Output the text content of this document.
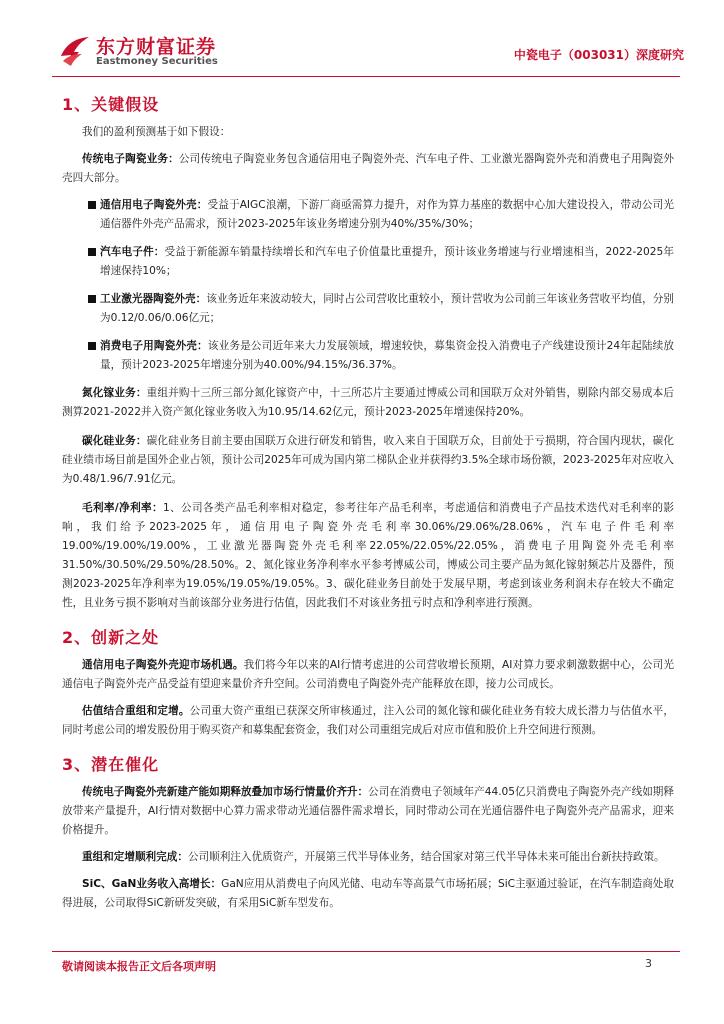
东方财富证券
Eastmoney Securities	中瓷电子（003031）深度研究
1、关键假设

我们的盈利预测基于如下假设：

传统电子陶瓷业务：公司传统电子陶瓷业务包含通信用电子陶瓷外壳、汽车电子件、工业激光器陶瓷外壳和消费电子用陶瓷外壳四大部分。

通信用电子陶瓷外壳：受益于AIGC浪潮，下游厂商亟需算力提升，对作为算力基座的数据中心加大建设投入，带动公司光通信器件外壳产品需求，预计2023-2025年该业务增速分别为40%/35%/30%；
汽车电子件：受益于新能源车销量持续增长和汽车电子价值量比重提升，预计该业务增速与行业增速相当，2022-2025年增速保持10%；
工业激光器陶瓷外壳：该业务近年来波动较大，同时占公司营收比重较小，预计营收为公司前三年该业务营收平均值，分别为0.12/0.06/0.06亿元；
消费电子用陶瓷外壳：该业务是公司近年来大力发展领域，增速较快，募集资金投入消费电子产线建设预计24年起陆续放量，预计2023-2025年增速分别为40.00%/94.15%/36.37%。

氮化镓业务：重组并购十三所三部分氮化镓资产中，十三所芯片主要通过博威公司和国联万众对外销售，剔除内部交易成本后测算2021-2022并入资产氮化镓业务收入为10.95/14.62亿元，预计2023-2025年增速保持20%。

碳化硅业务：碳化硅业务目前主要由国联万众进行研发和销售，收入来自于国联万众，目前处于亏损期，符合国内现状，碳化硅业绩市场目前是国外企业占领，预计公司2025年可成为国内第二梯队企业并获得约3.5%全球市场份额，2023-2025年对应收入为0.48/1.96/7.91亿元。

毛利率/净利率：1、公司各类产品毛利率相对稳定，参考往年产品毛利率，考虑通信和消费电子产品技术迭代对毛利率的影响，我们给予2023-2025年，通信用电子陶瓷外壳毛利率30.06%/29.06%/28.06%，汽车电子件毛利率19.00%/19.00%/19.00%，工业激光器陶瓷外壳毛利率22.05%/22.05%/22.05%，消费电子用陶瓷外壳毛利率31.50%/30.50%/29.50%/28.50%。2、氮化镓业务净利率水平参考博威公司，博威公司主要产品为氮化镓射频芯片及器件，预测2023-2025年净利率为19.05%/19.05%/19.05%。3、碳化硅业务目前处于发展早期，考虑到该业务利润未存在较大不确定性，且业务亏损不影响对当前该部分业务进行估值，因此我们不对该业务扭亏时点和净利率进行预测。

2、创新之处

通信用电子陶瓷外壳迎市场机遇。我们将今年以来的AI行情考虑进的公司营收增长预期，AI对算力要求刺激数据中心，公司光通信电子陶瓷外壳产品受益有望迎来量价齐升空间。公司消费电子陶瓷外壳产能释放在即，接力公司成长。

估值结合重组和定增。公司重大资产重组已获深交所审核通过，注入公司的氮化镓和碳化硅业务有较大成长潜力与估值水平，同时考虑公司的增发股份用于购买资产和募集配套资金，我们对公司重组完成后对应市值和股价上升空间进行预测。

3、潜在催化

传统电子陶瓷外壳新建产能如期释放叠加市场行情量价齐升：公司在消费电子领域年产44.05亿只消费电子陶瓷外壳产线如期释放带来产量提升，AI行情对数据中心算力需求带动光通信器件需求增长，同时带动公司在光通信器件电子陶瓷外壳产品需求，迎来价格提升。

重组和定增顺利完成：公司顺利注入优质资产，开展第三代半导体业务，结合国家对第三代半导体未来可能出台新扶持政策。

SiC、GaN业务收入高增长：GaN应用从消费电子向风光储、电动车等高景气市场拓展；SiC主驱通过验证，在汽车制造商处取得进展，公司取得SiC新研发突破，有采用SiC新车型发布。

敬请阅读本报告正文后各项声明	3
